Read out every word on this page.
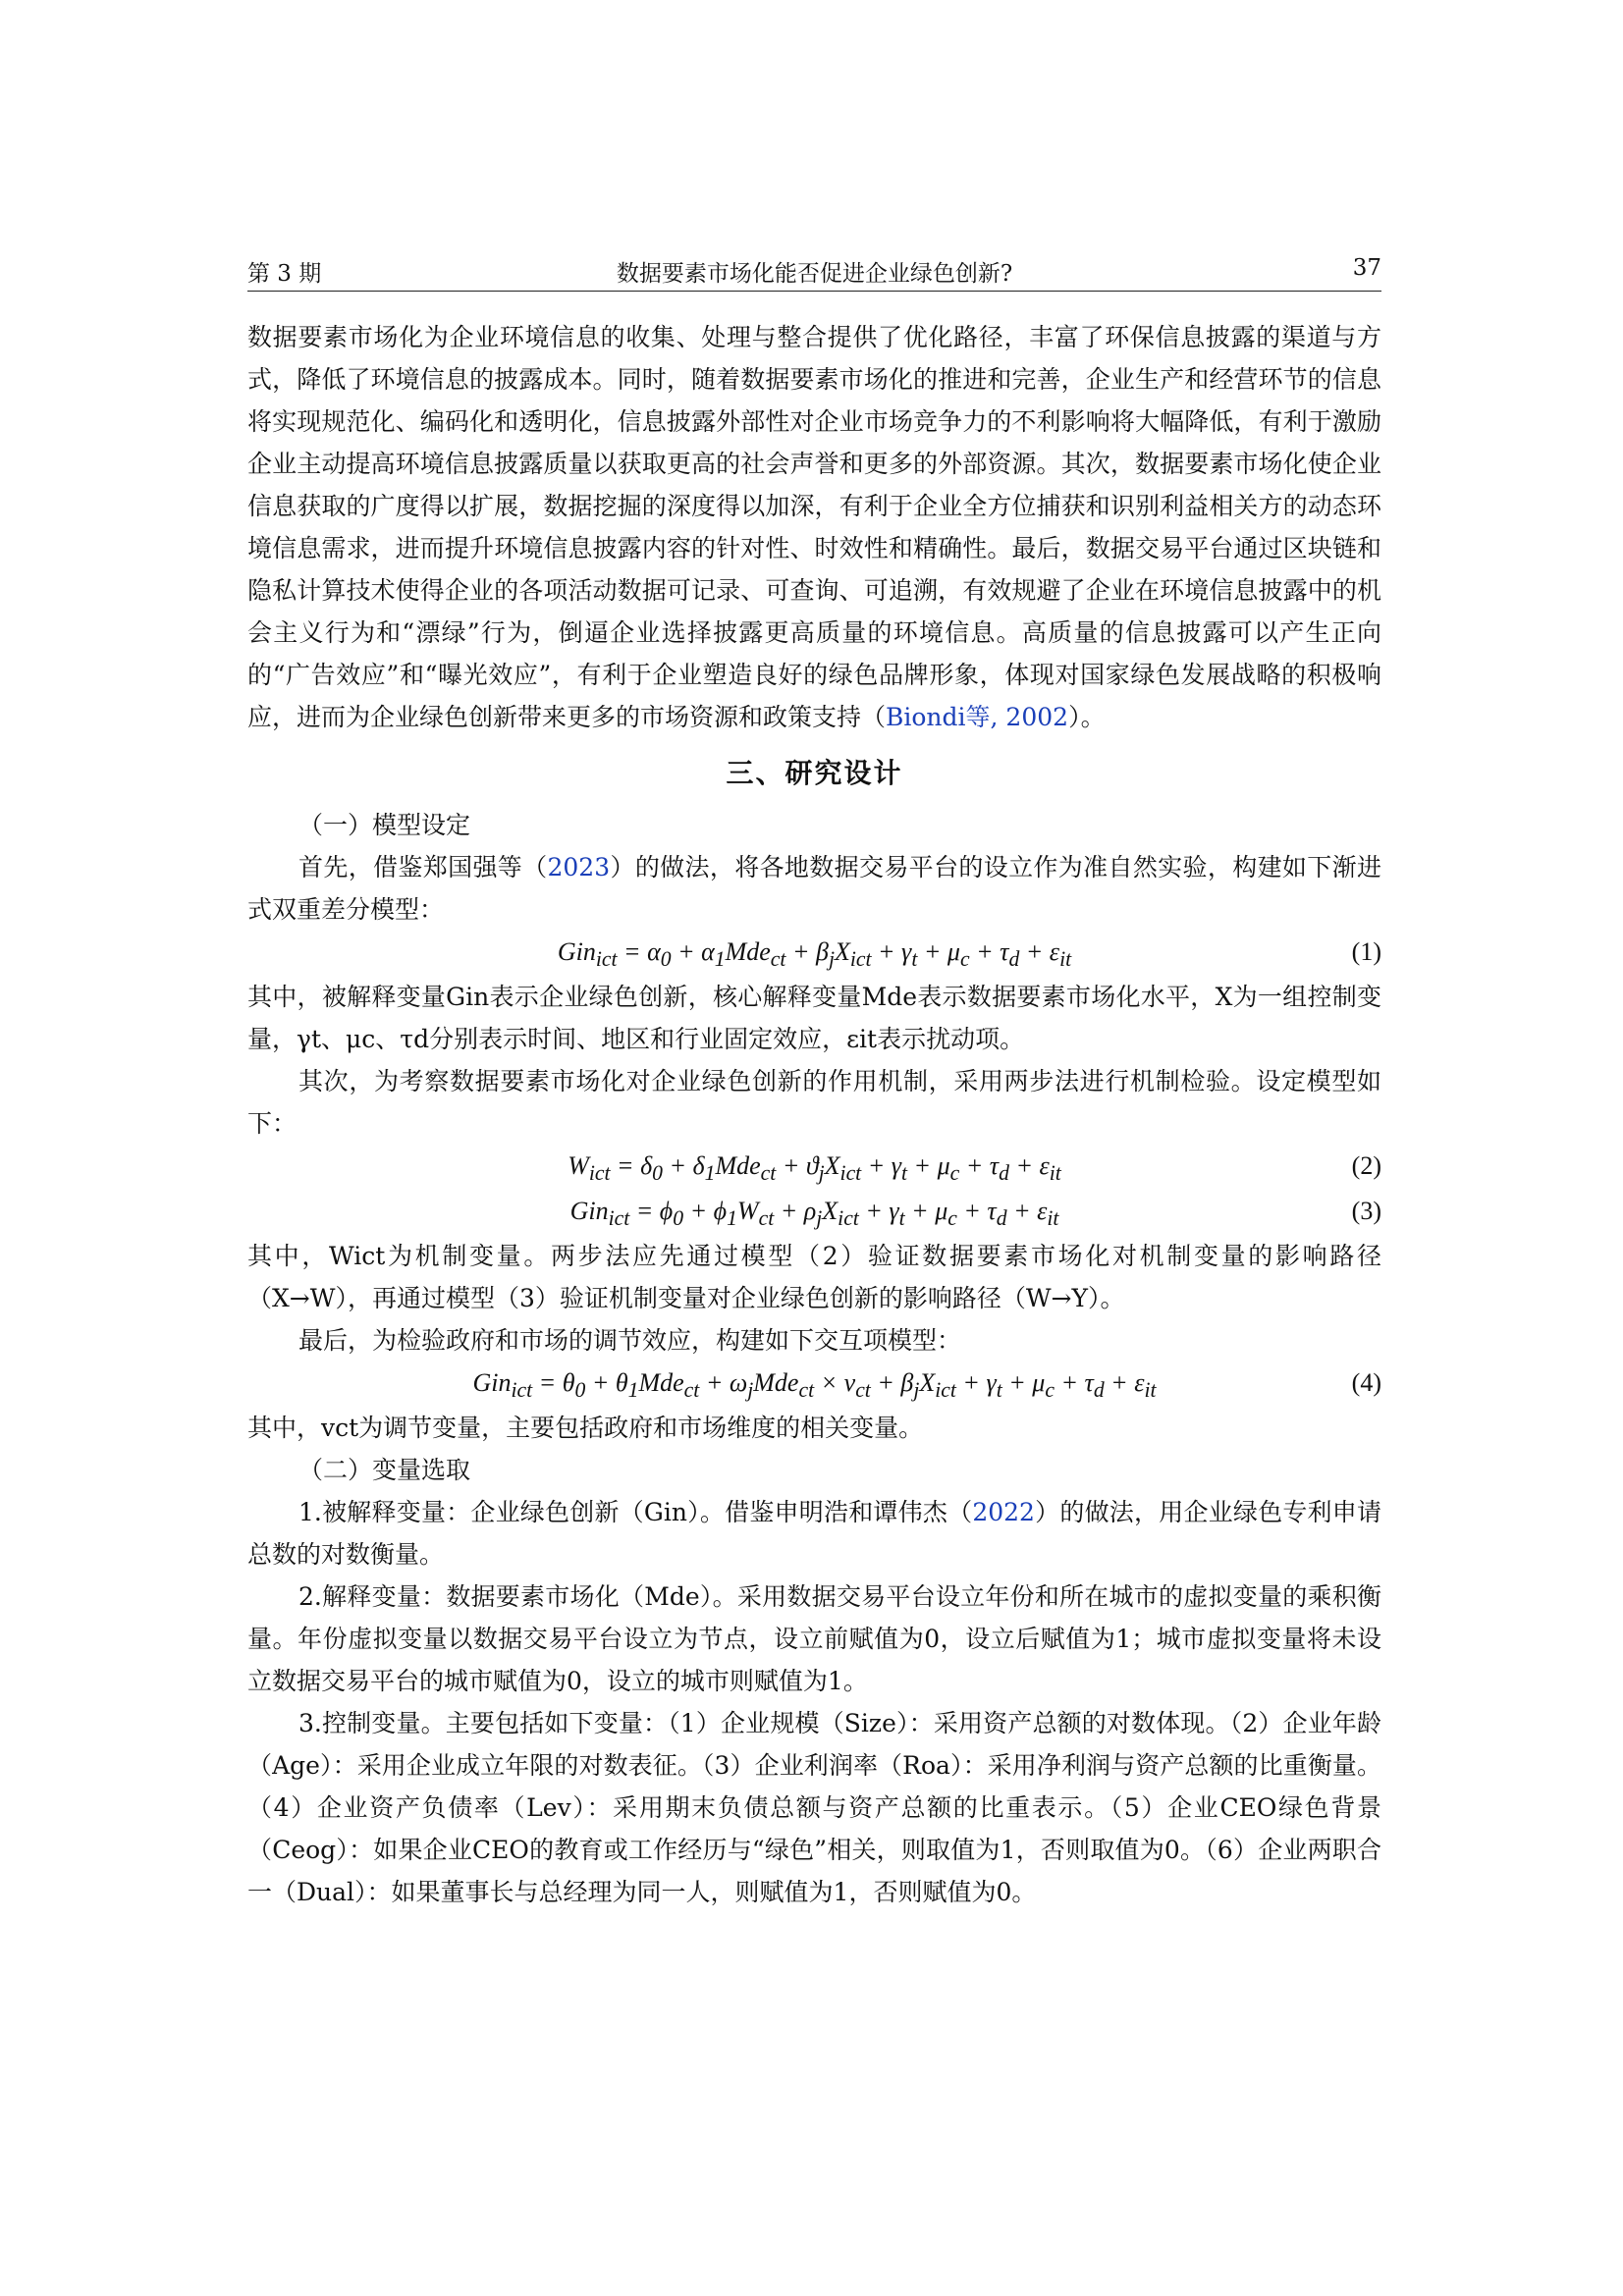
第 3 期	数据要素市场化能否促进企业绿色创新?	37

数据要素市场化为企业环境信息的收集、处理与整合提供了优化路径，丰富了环保信息披露的渠道与方式，降低了环境信息的披露成本。同时，随着数据要素市场化的推进和完善，企业生产和经营环节的信息将实现规范化、编码化和透明化，信息披露外部性对企业市场竞争力的不利影响将大幅降低，有利于激励企业主动提高环境信息披露质量以获取更高的社会声誉和更多的外部资源。其次，数据要素市场化使企业信息获取的广度得以扩展，数据挖掘的深度得以加深，有利于企业全方位捕获和识别利益相关方的动态环境信息需求，进而提升环境信息披露内容的针对性、时效性和精确性。最后，数据交易平台通过区块链和隐私计算技术使得企业的各项活动数据可记录、可查询、可追溯，有效规避了企业在环境信息披露中的机会主义行为和“漂绿”行为，倒逼企业选择披露更高质量的环境信息。高质量的信息披露可以产生正向的“广告效应”和“曝光效应”，有利于企业塑造良好的绿色品牌形象，体现对国家绿色发展战略的积极响应，进而为企业绿色创新带来更多的市场资源和政策支持（Biondi等, 2002）。

三、研究设计

（一）模型设定

首先，借鉴郑国强等（2023）的做法，将各地数据交易平台的设立作为准自然实验，构建如下渐进式双重差分模型：

$Gin_{ict} = \alpha_0 + \alpha_1Mde_{ct} + \beta_jX_{ict} + \gamma_t + \mu_c + \tau_d + \varepsilon_{it}$	(1)

其中，被解释变量Gin表示企业绿色创新，核心解释变量Mde表示数据要素市场化水平，X为一组控制变量，γt、μc、τd分别表示时间、地区和行业固定效应，εit表示扰动项。

其次，为考察数据要素市场化对企业绿色创新的作用机制，采用两步法进行机制检验。设定模型如下：

$W_{ict} = \delta_0 + \delta_1Mde_{ct} + ϑ_jX_{ict} + \gamma_t + \mu_c + \tau_d + \varepsilon_{it}$	(2)
$Gin_{ict} = \phi_0 + \phi_1W_{ct} + \rho_jX_{ict} + \gamma_t + \mu_c + \tau_d + \varepsilon_{it}$	(3)

其中，Wict为机制变量。两步法应先通过模型（2）验证数据要素市场化对机制变量的影响路径（X→W），再通过模型（3）验证机制变量对企业绿色创新的影响路径（W→Y）。

最后，为检验政府和市场的调节效应，构建如下交互项模型：

$Gin_{ict} = \theta_0 + \theta_1Mde_{ct} + \omega_jMde_{ct} \times v_{ct} + \beta_jX_{ict} + \gamma_t + \mu_c + \tau_d + \varepsilon_{it}$	(4)

其中，vct为调节变量，主要包括政府和市场维度的相关变量。

（二）变量选取

1.被解释变量：企业绿色创新（Gin）。借鉴申明浩和谭伟杰（2022）的做法，用企业绿色专利申请总数的对数衡量。

2.解释变量：数据要素市场化（Mde）。采用数据交易平台设立年份和所在城市的虚拟变量的乘积衡量。年份虚拟变量以数据交易平台设立为节点，设立前赋值为0，设立后赋值为1；城市虚拟变量将未设立数据交易平台的城市赋值为0，设立的城市则赋值为1。

3.控制变量。主要包括如下变量：（1）企业规模（Size）：采用资产总额的对数体现。（2）企业年龄（Age）：采用企业成立年限的对数表征。（3）企业利润率（Roa）：采用净利润与资产总额的比重衡量。（4）企业资产负债率（Lev）：采用期末负债总额与资产总额的比重表示。（5）企业CEO绿色背景（Ceog）：如果企业CEO的教育或工作经历与“绿色”相关，则取值为1，否则取值为0。（6）企业两职合一（Dual）：如果董事长与总经理为同一人，则赋值为1，否则赋值为0。
